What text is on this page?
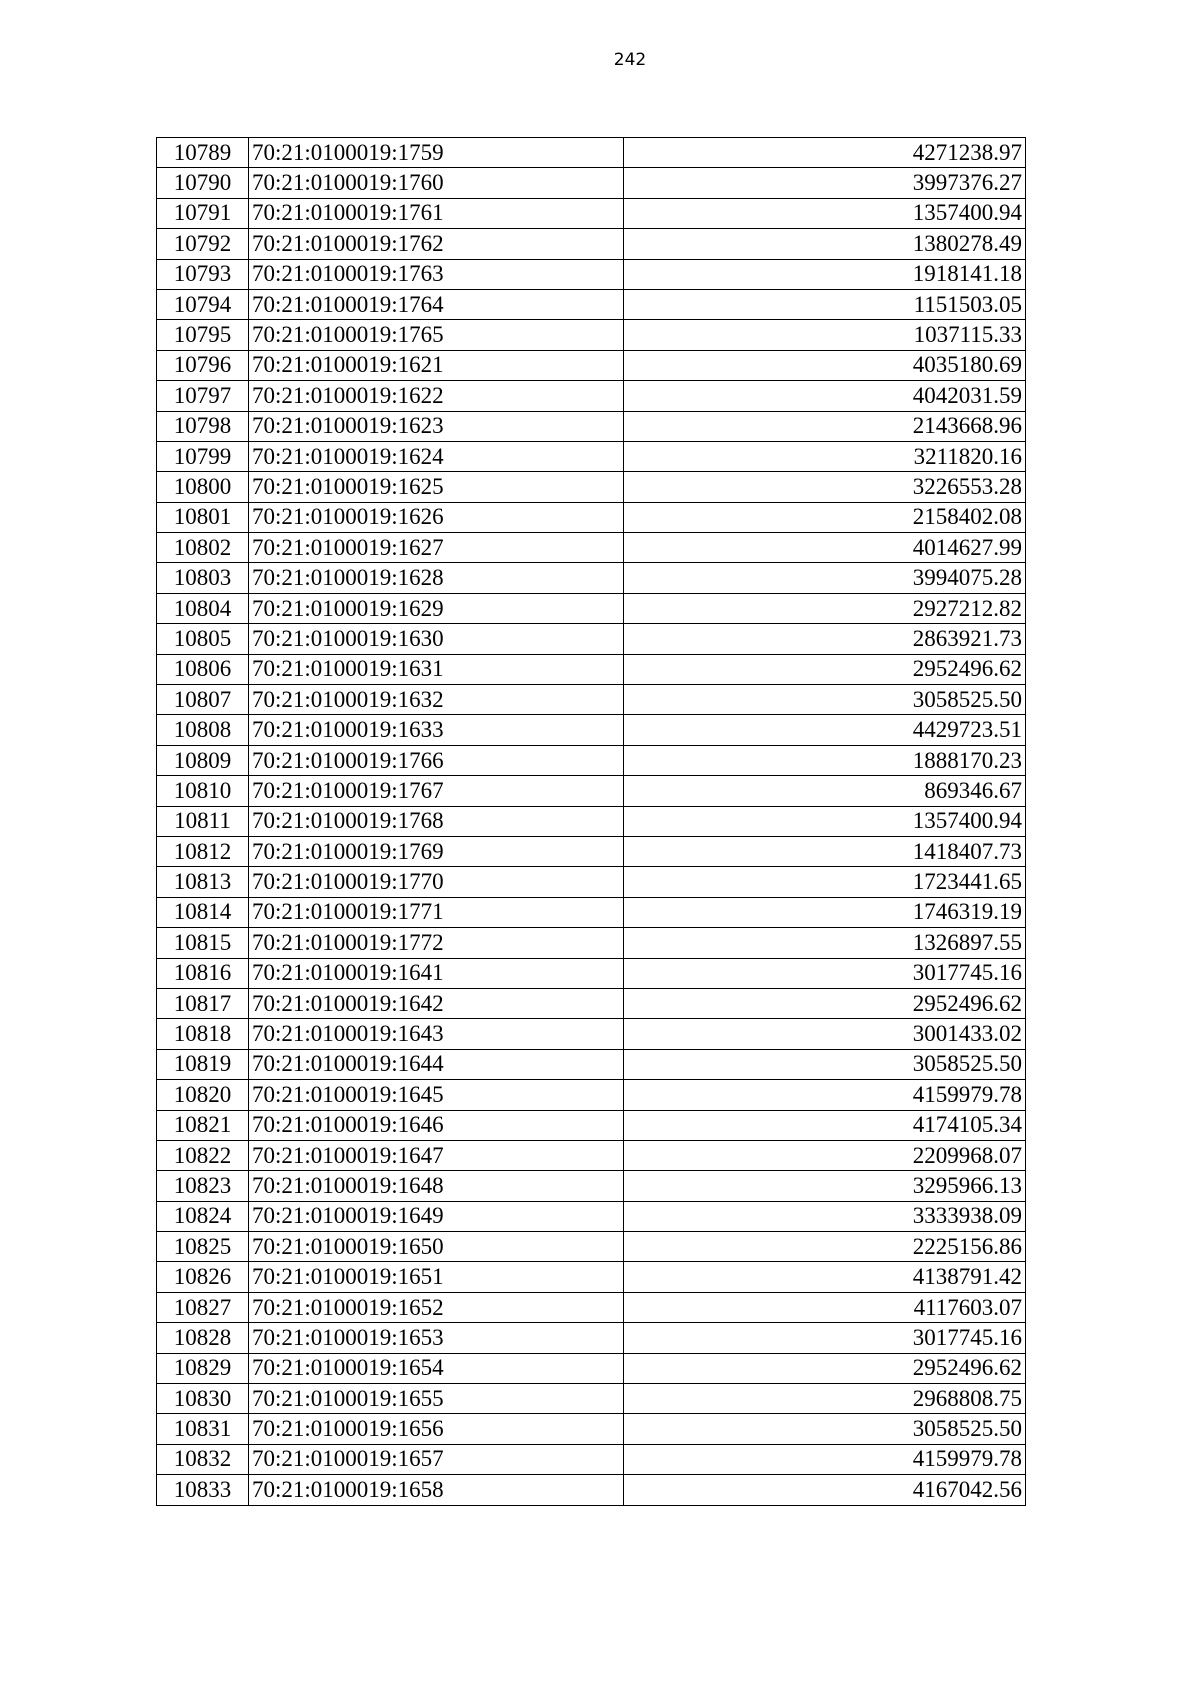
242
10789	70:21:0100019:1759	4271238.97
10790	70:21:0100019:1760	3997376.27
10791	70:21:0100019:1761	1357400.94
10792	70:21:0100019:1762	1380278.49
10793	70:21:0100019:1763	1918141.18
10794	70:21:0100019:1764	1151503.05
10795	70:21:0100019:1765	1037115.33
10796	70:21:0100019:1621	4035180.69
10797	70:21:0100019:1622	4042031.59
10798	70:21:0100019:1623	2143668.96
10799	70:21:0100019:1624	3211820.16
10800	70:21:0100019:1625	3226553.28
10801	70:21:0100019:1626	2158402.08
10802	70:21:0100019:1627	4014627.99
10803	70:21:0100019:1628	3994075.28
10804	70:21:0100019:1629	2927212.82
10805	70:21:0100019:1630	2863921.73
10806	70:21:0100019:1631	2952496.62
10807	70:21:0100019:1632	3058525.50
10808	70:21:0100019:1633	4429723.51
10809	70:21:0100019:1766	1888170.23
10810	70:21:0100019:1767	869346.67
10811	70:21:0100019:1768	1357400.94
10812	70:21:0100019:1769	1418407.73
10813	70:21:0100019:1770	1723441.65
10814	70:21:0100019:1771	1746319.19
10815	70:21:0100019:1772	1326897.55
10816	70:21:0100019:1641	3017745.16
10817	70:21:0100019:1642	2952496.62
10818	70:21:0100019:1643	3001433.02
10819	70:21:0100019:1644	3058525.50
10820	70:21:0100019:1645	4159979.78
10821	70:21:0100019:1646	4174105.34
10822	70:21:0100019:1647	2209968.07
10823	70:21:0100019:1648	3295966.13
10824	70:21:0100019:1649	3333938.09
10825	70:21:0100019:1650	2225156.86
10826	70:21:0100019:1651	4138791.42
10827	70:21:0100019:1652	4117603.07
10828	70:21:0100019:1653	3017745.16
10829	70:21:0100019:1654	2952496.62
10830	70:21:0100019:1655	2968808.75
10831	70:21:0100019:1656	3058525.50
10832	70:21:0100019:1657	4159979.78
10833	70:21:0100019:1658	4167042.56
